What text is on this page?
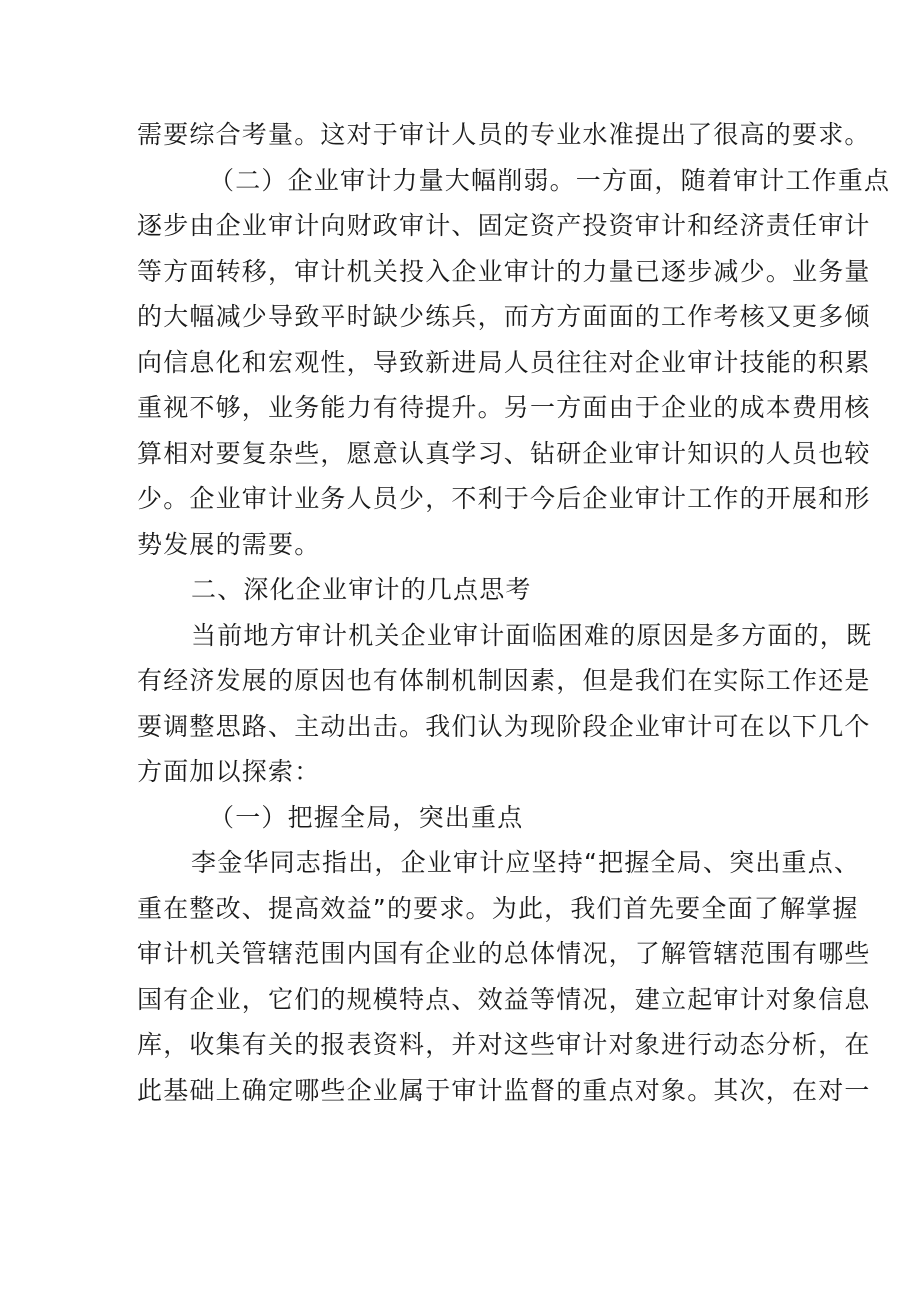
需要综合考量。这对于审计人员的专业水准提出了很高的要求。
（二）企业审计力量大幅削弱。一方面，随着审计工作重点
逐步由企业审计向财政审计、固定资产投资审计和经济责任审计
等方面转移，审计机关投入企业审计的力量已逐步减少。业务量
的大幅减少导致平时缺少练兵，而方方面面的工作考核又更多倾
向信息化和宏观性，导致新进局人员往往对企业审计技能的积累
重视不够，业务能力有待提升。另一方面由于企业的成本费用核
算相对要复杂些，愿意认真学习、钻研企业审计知识的人员也较
少。企业审计业务人员少，不利于今后企业审计工作的开展和形
势发展的需要。
二、深化企业审计的几点思考
当前地方审计机关企业审计面临困难的原因是多方面的，既
有经济发展的原因也有体制机制因素，但是我们在实际工作还是
要调整思路、主动出击。我们认为现阶段企业审计可在以下几个
方面加以探索：
（一）把握全局，突出重点
李金华同志指出，企业审计应坚持“把握全局、突出重点、
重在整改、提高效益”的要求。为此，我们首先要全面了解掌握
审计机关管辖范围内国有企业的总体情况，了解管辖范围有哪些
国有企业，它们的规模特点、效益等情况，建立起审计对象信息
库，收集有关的报表资料，并对这些审计对象进行动态分析，在
此基础上确定哪些企业属于审计监督的重点对象。其次，在对一
